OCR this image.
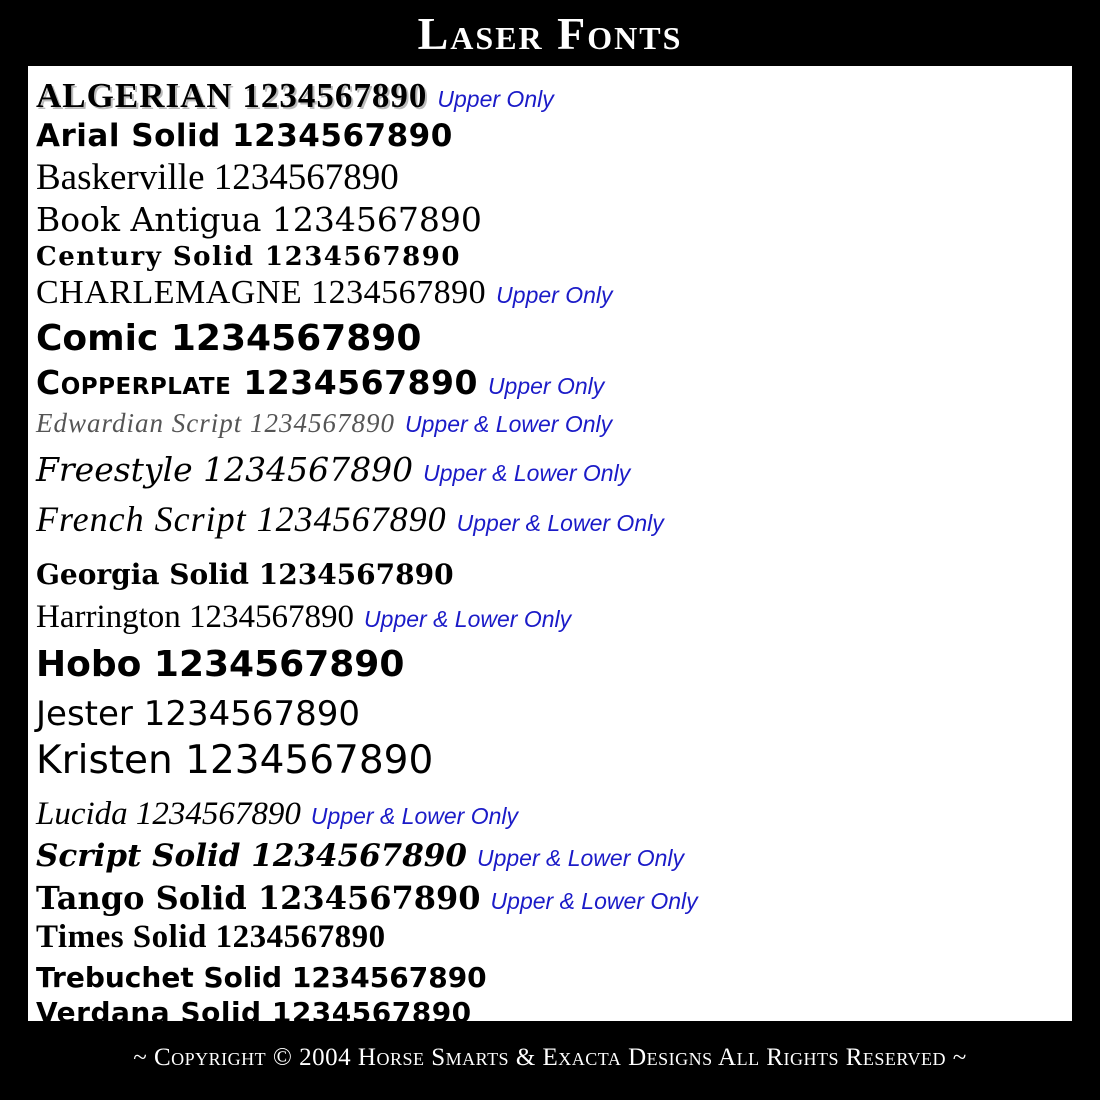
Laser Fonts
ALGERIAN 1234567890 Upper Only
Arial Solid 1234567890
Baskerville 1234567890
Book Antigua 1234567890
Century Solid 1234567890
CHARLEMAGNE 1234567890 Upper Only
Comic 1234567890
Copperplate 1234567890 Upper Only
Edwardian Script 1234567890 Upper & Lower Only
Freestyle 1234567890 Upper & Lower Only
French Script 1234567890 Upper & Lower Only
Georgia Solid 1234567890
Harrington 1234567890 Upper & Lower Only
Hobo 1234567890
Jester 1234567890
Kristen 1234567890
Lucida 1234567890 Upper & Lower Only
Script Solid 1234567890 Upper & Lower Only
Tango Solid 1234567890 Upper & Lower Only
Times Solid 1234567890
Trebuchet Solid 1234567890
Verdana Solid 1234567890
~ Copyright © 2004 Horse Smarts & Exacta Designs All Rights Reserved ~
